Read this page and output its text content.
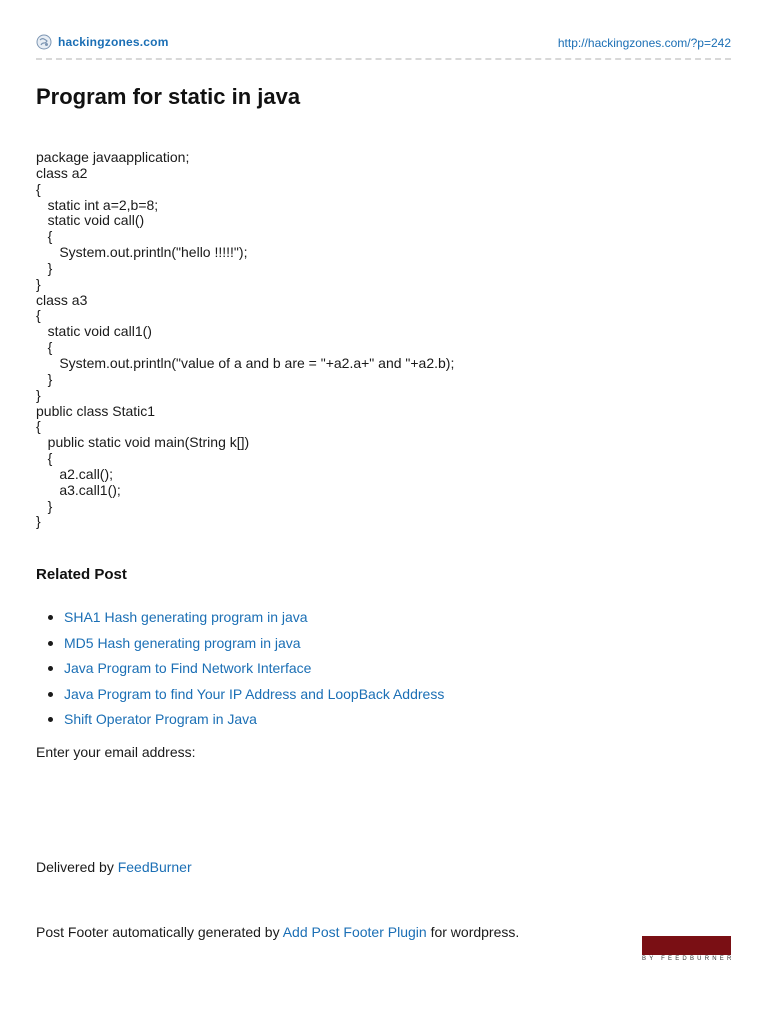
hackingzones.com	http://hackingzones.com/?p=242
Program for static in java
package javaapplication;
class a2
{
static int a=2,b=8;
static void call()
{
System.out.println("hello !!!!!");
}
}
class a3
{
static void call1()
{
System.out.println("value of a and b are = "+a2.a+" and "+a2.b);
}
}
public class Static1
{
public static void main(String k[])
{
a2.call();
a3.call1();
}
}
Related Post
SHA1 Hash generating program in java
MD5 Hash generating program in java
Java Program to Find Network Interface
Java Program to find Your IP Address and LoopBack Address
Shift Operator Program in Java
Enter your email address:
Delivered by FeedBurner
Post Footer automatically generated by Add Post Footer Plugin for wordpress.
BY FEEDBURNER
